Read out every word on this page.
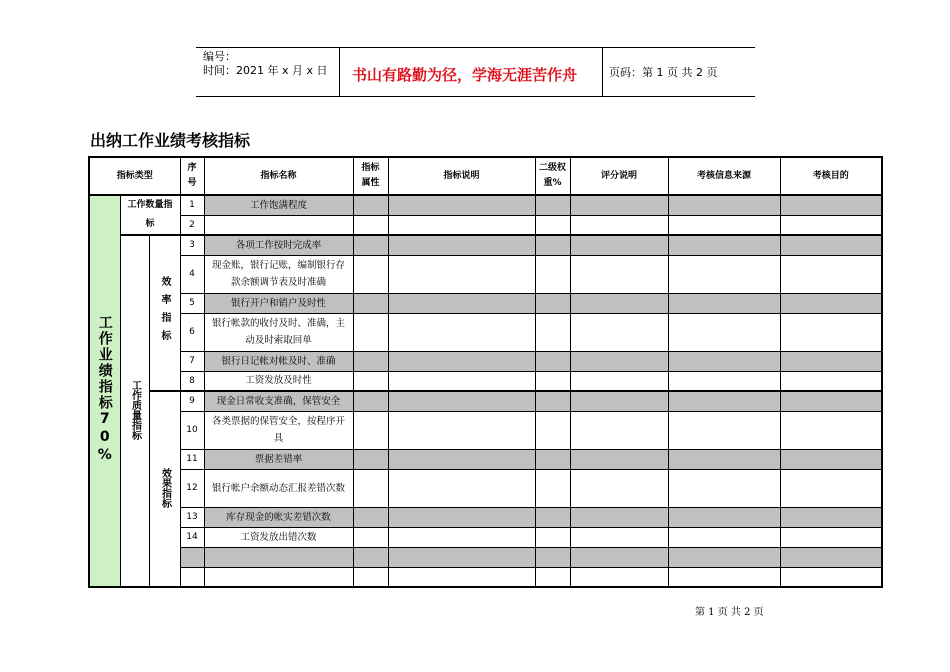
编号：
时间：2021 年 x 月 x 日 书山有路勤为径，学海无涯苦作舟	页码：第 1 页 共 2 页
出纳工作业绩考核指标
指标类型			序号	指标名称	指标属性	指标说明	二级权重%	评分说明	考核信息来源	考核目的
工作业绩指标70%	工作数量指标		1	工作饱满程度						
			2							
	工作质量指标	效率指标	3	各项工作按时完成率						
			4	现金账，银行记账，编制银行存款余额调节表及时准确						
			5	银行开户和销户及时性						
			6	银行帐款的收付及时、准确，主动及时索取回单						
			7	银行日记帐对帐及时、准确						
			8	工资发放及时性						
		效果指标	9	现金日常收支准确，保管安全						
			10	各类票据的保管安全，按程序开具						
			11	票据差错率						
			12	银行帐户余额动态汇报差错次数						
			13	库存现金的帐实差错次数						
			14	工资发放出错次数						

第 1 页 共 2 页
